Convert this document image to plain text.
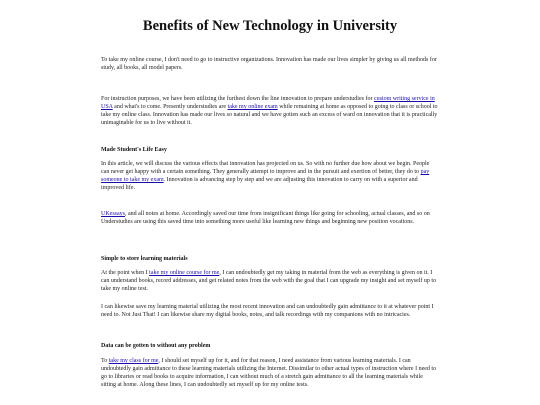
Benefits of New Technology in University

To take my online course, I don't need to go to instructive organizations. Innovation has made our lives simpler by giving us all methods for study, all books, all model papers.

For instruction purposes, we have been utilizing the furthest down the line innovation to prepare understudies for custom writing service in USA and what's to come. Presently understudies are take my online exam while remaining at home as opposed to going to class or school to take my online class. Innovation has made our lives so natural and we have gotten such an excess of ward on innovation that it is practically unimaginable for us to live without it.

Made Student's Life Easy

In this article, we will discuss the various effects that innovation has projected on us. So with no further due how about we begin. People can never get happy with a certain something. They generally attempt to improve and in the pursuit and exertion of better, they do to pay someone to take my exam. Innovation is advancing step by step and we are adjusting this innovation to carry on with a superior and improved life.

UKessays, and all notes at home. Accordingly saved our time from insignificant things like going for schooling, actual classes, and so on Understudies are using this saved time into something more useful like learning new things and beginning new position vocations.

Simple to store learning materials

At the point when I take my online course for me, I can undoubtedly get my taking in material from the web as everything is given on it. I can understand books, record addresses, and get related notes from the web with the goal that I can upgrade my insight and set myself up to take my online test.

I can likewise save my learning material utilizing the most recent innovation and can undoubtedly gain admittance to it at whatever point I need to. Not Just That! I can likewise share my digital books, notes, and talk recordings with my companions with no intricacies.

Data can be gotten to without any problem

To take my class for me, I should set myself up for it, and for that reason, I need assistance from various learning materials. I can undoubtedly gain admittance to these learning materials utilizing the Internet. Dissimilar to other actual types of instruction where I need to go to libraries or read books to acquire information, I can without much of a stretch gain admittance to all the learning materials while sitting at home. Along these lines, I can undoubtedly set myself up for my online tests.
